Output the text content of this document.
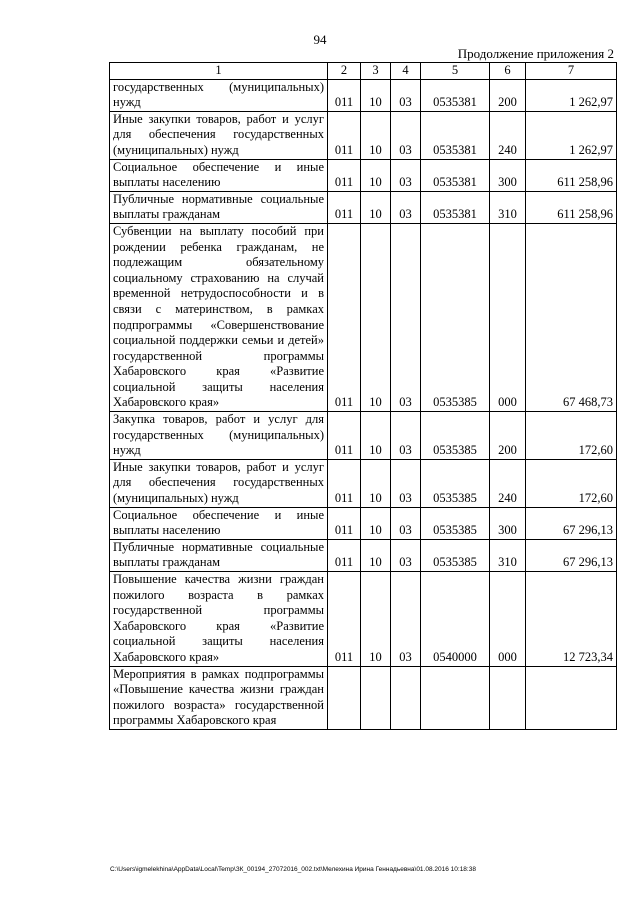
94
Продолжение приложения 2
1	2	3	4	5	6	7
государственных (муниципальных) нужд	011	10	03	0535381	200	1 262,97
Иные закупки товаров, работ и услуг для обеспечения государственных (муниципальных) нужд	011	10	03	0535381	240	1 262,97
Социальное обеспечение и иные выплаты населению	011	10	03	0535381	300	611 258,96
Публичные нормативные социальные выплаты гражданам	011	10	03	0535381	310	611 258,96
Субвенции на выплату пособий при рождении ребенка гражданам, не подлежащим обязательному социальному страхованию на случай временной нетрудоспособности и в связи с материнством, в рамках подпрограммы «Совершенствование социальной поддержки семьи и детей» государственной программы Хабаровского края «Развитие социальной защиты населения Хабаровского края»	011	10	03	0535385	000	67 468,73
Закупка товаров, работ и услуг для государственных (муниципальных) нужд	011	10	03	0535385	200	172,60
Иные закупки товаров, работ и услуг для обеспечения государственных (муниципальных) нужд	011	10	03	0535385	240	172,60
Социальное обеспечение и иные выплаты населению	011	10	03	0535385	300	67 296,13
Публичные нормативные социальные выплаты гражданам	011	10	03	0535385	310	67 296,13
Повышение качества жизни граждан пожилого возраста в рамках государственной программы Хабаровского края «Развитие социальной защиты населения Хабаровского края»	011	10	03	0540000	000	12 723,34
Мероприятия в рамках подпрограммы «Повышение качества жизни граждан пожилого возраста» государственной программы Хабаровского края						
C:\Users\igmelekhina\AppData\Local\Temp\ЗК_00194_27072016_002.txt\Мелехина Ирина Геннадьевна\01.08.2016 10:18:38
